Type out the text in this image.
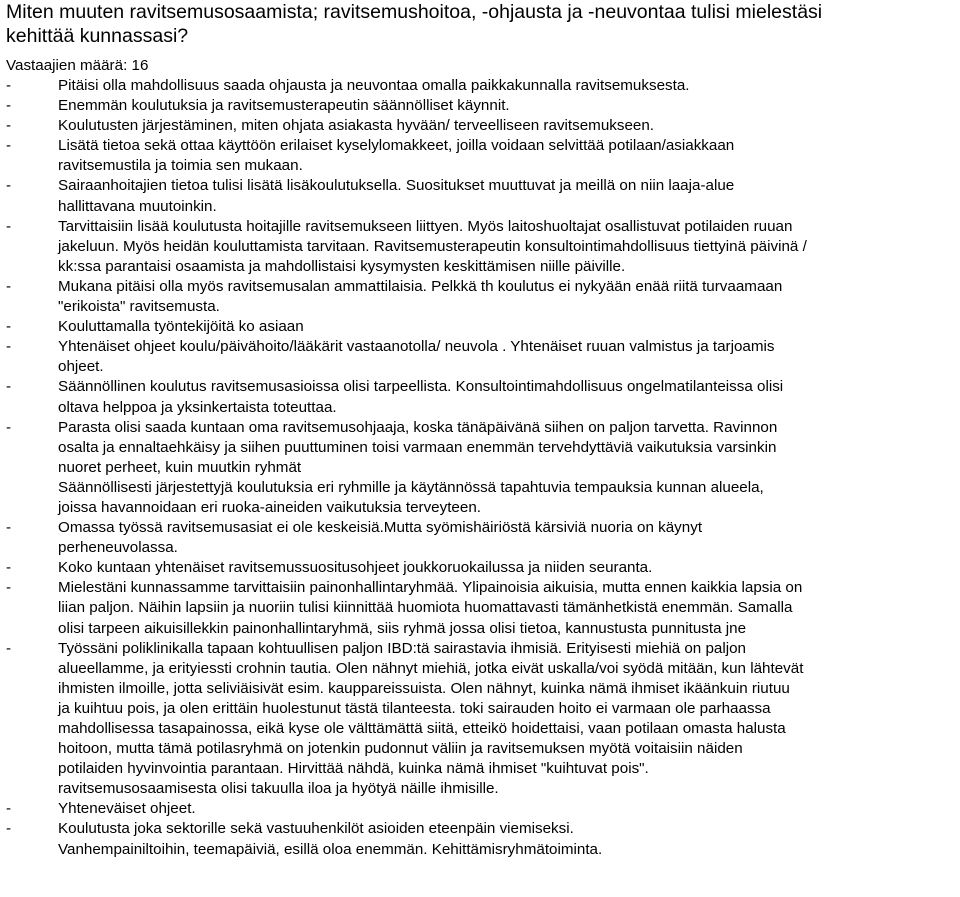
Miten muuten ravitsemusosaamista; ravitsemushoitoa, -ohjausta ja -neuvontaa tulisi mielestäsi
kehittää kunnassasi?

Vastaajien määrä: 16

-	Pitäisi olla mahdollisuus saada ohjausta ja neuvontaa omalla paikkakunnalla ravitsemuksesta.
-	Enemmän koulutuksia ja ravitsemusterapeutin säännölliset käynnit.
-	Koulutusten järjestäminen, miten ohjata asiakasta hyvään/ terveelliseen ravitsemukseen.
-	Lisätä tietoa sekä ottaa käyttöön erilaiset kyselylomakkeet, joilla voidaan selvittää potilaan/asiakkaan
ravitsemustila ja toimia sen mukaan.
-	Sairaanhoitajien tietoa tulisi lisätä lisäkoulutuksella. Suositukset muuttuvat ja meillä on niin laaja-alue
hallittavana muutoinkin.
-	Tarvittaisiin lisää koulutusta hoitajille ravitsemukseen liittyen. Myös laitoshuoltajat osallistuvat potilaiden ruuan
jakeluun. Myös heidän kouluttamista tarvitaan. Ravitsemusterapeutin konsultointimahdollisuus tiettyinä päivinä /
kk:ssa parantaisi osaamista ja mahdollistaisi kysymysten keskittämisen niille päiville.
-	Mukana pitäisi olla myös ravitsemusalan ammattilaisia. Pelkkä th koulutus ei nykyään enää riitä turvaamaan
"erikoista" ravitsemusta.
-	Kouluttamalla työntekijöitä ko asiaan
-	Yhtenäiset ohjeet koulu/päivähoito/lääkärit vastaanotolla/ neuvola . Yhtenäiset ruuan valmistus ja tarjoamis
ohjeet.
-	Säännöllinen koulutus ravitsemusasioissa olisi tarpeellista. Konsultointimahdollisuus ongelmatilanteissa olisi
oltava helppoa ja yksinkertaista toteuttaa.
-	Parasta olisi saada kuntaan oma ravitsemusohjaaja, koska tänäpäivänä siihen on paljon tarvetta. Ravinnon
osalta ja ennaltaehkäisy ja siihen puuttuminen toisi varmaan enemmän tervehdyttäviä vaikutuksia varsinkin
nuoret perheet, kuin muutkin ryhmät
Säännöllisesti järjestettyjä koulutuksia eri ryhmille ja käytännössä tapahtuvia tempauksia kunnan alueela,
joissa havannoidaan eri ruoka-aineiden vaikutuksia terveyteen.
-	Omassa työssä ravitsemusasiat ei ole keskeisiä.Mutta syömishäiriöstä kärsiviä nuoria on käynyt
perheneuvolassa.
-	Koko kuntaan yhtenäiset ravitsemussuositusohjeet joukkoruokailussa ja niiden seuranta.
-	Mielestäni kunnassamme tarvittaisiin painonhallintaryhmää. Ylipainoisia aikuisia, mutta ennen kaikkia lapsia on
liian paljon. Näihin lapsiin ja nuoriin tulisi kiinnittää huomiota huomattavasti tämänhetkistä enemmän. Samalla
olisi tarpeen aikuisillekkin painonhallintaryhmä, siis ryhmä jossa olisi tietoa, kannustusta punnitusta jne
-	Työssäni poliklinikalla tapaan kohtuullisen paljon IBD:tä sairastavia ihmisiä. Erityisesti miehiä on paljon
alueellamme, ja erityiessti crohnin tautia. Olen nähnyt miehiä, jotka eivät uskalla/voi syödä mitään, kun lähtevät
ihmisten ilmoille, jotta seliviäisivät esim. kauppareissuista. Olen nähnyt, kuinka nämä ihmiset ikäänkuin riutuu
ja kuihtuu pois, ja olen erittäin huolestunut tästä tilanteesta. toki sairauden hoito ei varmaan ole parhaassa
mahdollisessa tasapainossa, eikä kyse ole välttämättä siitä, etteikö hoidettaisi, vaan potilaan omasta halusta
hoitoon, mutta tämä potilasryhmä on jotenkin pudonnut väliin ja ravitsemuksen myötä voitaisiin näiden
potilaiden hyvinvointia parantaan. Hirvittää nähdä, kuinka nämä ihmiset "kuihtuvat pois".
ravitsemusosaamisesta olisi takuulla iloa ja hyötyä näille ihmisille.
-	Yhteneväiset ohjeet.
-	Koulutusta joka sektorille sekä vastuuhenkilöt asioiden eteenpäin viemiseksi.
Vanhempainiltoihin, teemapäiviä, esillä oloa enemmän. Kehittämisryhmätoiminta.
